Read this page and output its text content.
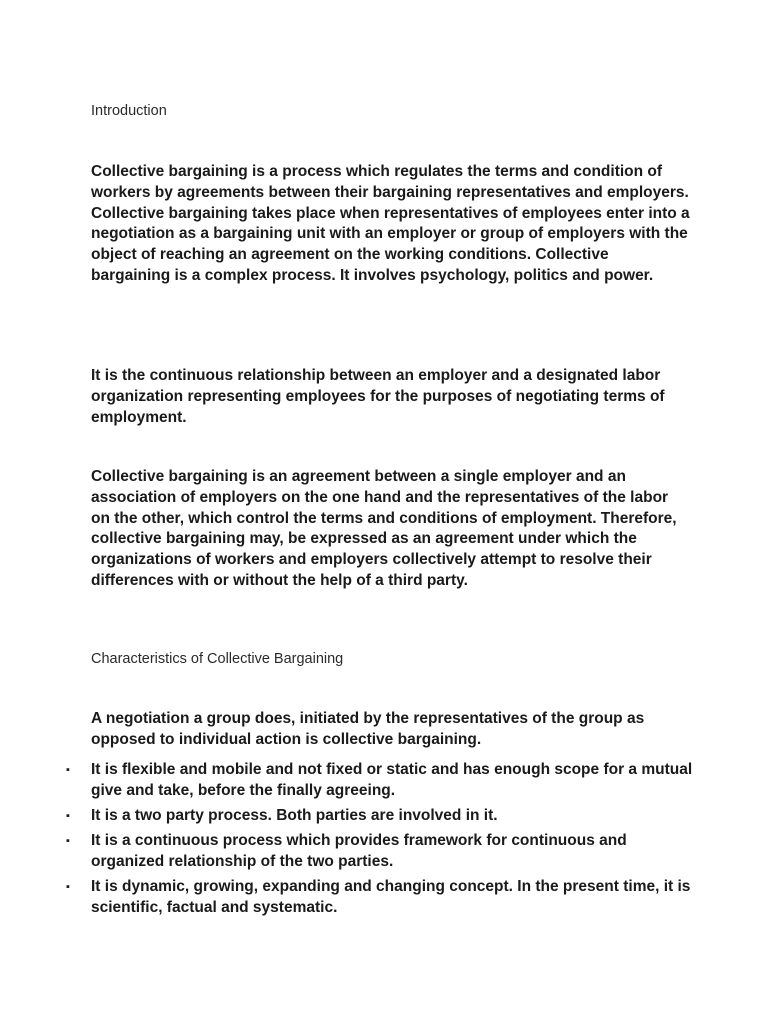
Introduction

Collective bargaining is a process which regulates the terms and condition of workers by agreements between their bargaining representatives and employers. Collective bargaining takes place when representatives of employees enter into a negotiation as a bargaining unit with an employer or group of employers with the object of reaching an agreement on the working conditions. Collective bargaining is a complex process. It involves psychology, politics and power.

It is the continuous relationship between an employer and a designated labor organization representing employees for the purposes of negotiating terms of employment.

Collective bargaining is an agreement between a single employer and an association of employers on the one hand and the representatives of the labor on the other, which control the terms and conditions of employment. Therefore, collective bargaining may, be expressed as an agreement under which the organizations of workers and employers collectively attempt to resolve their differences with or without the help of a third party.

Characteristics of Collective Bargaining

A negotiation a group does, initiated by the representatives of the group as opposed to individual action is collective bargaining.

▪	It is flexible and mobile and not fixed or static and has enough scope for a mutual give and take, before the finally agreeing.
▪	It is a two party process. Both parties are involved in it.
▪	It is a continuous process which provides framework for continuous and organized relationship of the two parties.
▪	It is dynamic, growing, expanding and changing concept. In the present time, it is scientific, factual and systematic.
